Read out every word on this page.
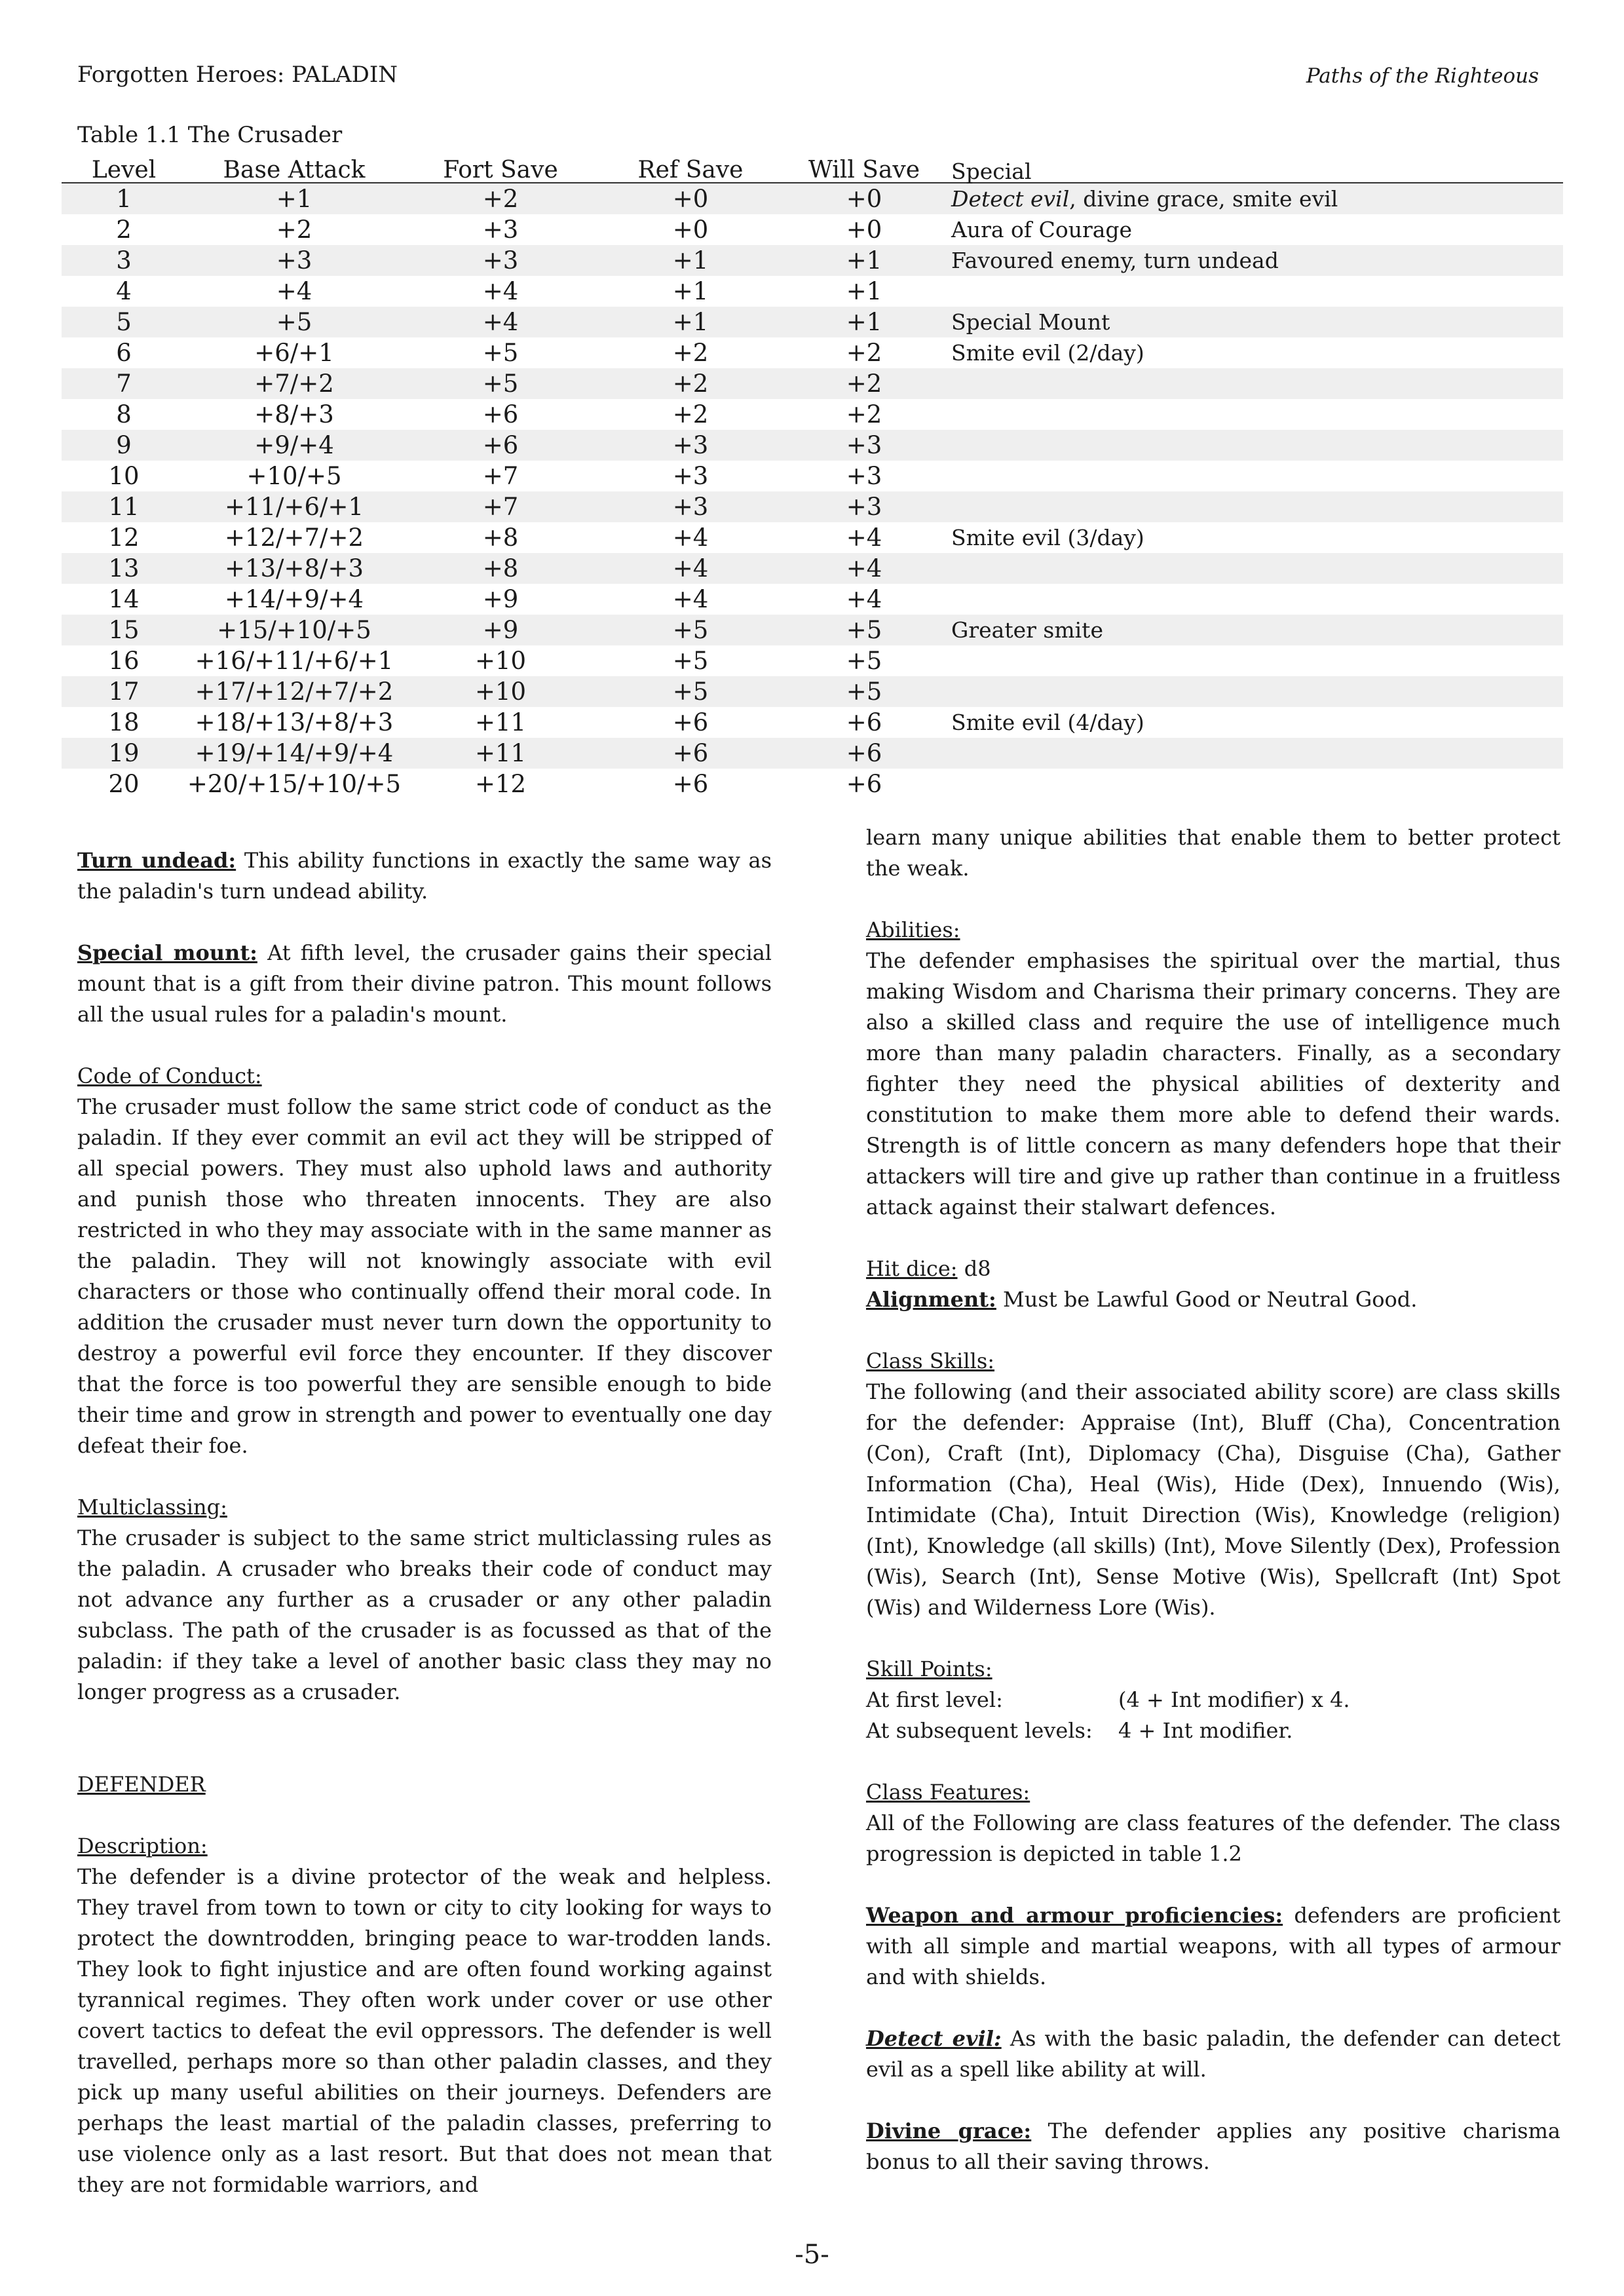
Forgotten Heroes: PALADIN	Paths of the Righteous
Table 1.1 The Crusader
Level	Base Attack	Fort Save	Ref Save	Will Save	Special
1	+1	+2	+0	+0	Detect evil, divine grace, smite evil
2	+2	+3	+0	+0	Aura of Courage
3	+3	+3	+1	+1	Favoured enemy, turn undead
4	+4	+4	+1	+1	
5	+5	+4	+1	+1	Special Mount
6	+6/+1	+5	+2	+2	Smite evil (2/day)
7	+7/+2	+5	+2	+2	
8	+8/+3	+6	+2	+2	
9	+9/+4	+6	+3	+3	
10	+10/+5	+7	+3	+3	
11	+11/+6/+1	+7	+3	+3	
12	+12/+7/+2	+8	+4	+4	Smite evil (3/day)
13	+13/+8/+3	+8	+4	+4	
14	+14/+9/+4	+9	+4	+4	
15	+15/+10/+5	+9	+5	+5	Greater smite
16	+16/+11/+6/+1	+10	+5	+5	
17	+17/+12/+7/+2	+10	+5	+5	
18	+18/+13/+8/+3	+11	+6	+6	Smite evil (4/day)
19	+19/+14/+9/+4	+11	+6	+6	
20	+20/+15/+10/+5	+12	+6	+6	

Turn undead: This ability functions in exactly the same way as the paladin's turn undead ability.

Special mount: At fifth level, the crusader gains their special mount that is a gift from their divine patron. This mount follows all the usual rules for a paladin's mount.

Code of Conduct:

The crusader must follow the same strict code of conduct as the paladin. If they ever commit an evil act they will be stripped of all special powers. They must also uphold laws and authority and punish those who threaten innocents. They are also restricted in who they may associate with in the same manner as the paladin. They will not knowingly associate with evil characters or those who continually offend their moral code. In addition the crusader must never turn down the opportunity to destroy a powerful evil force they encounter. If they discover that the force is too powerful they are sensible enough to bide their time and grow in strength and power to eventually one day defeat their foe.

Multiclassing:

The crusader is subject to the same strict multiclassing rules as the paladin. A crusader who breaks their code of conduct may not advance any further as a crusader or any other paladin subclass. The path of the crusader is as focussed as that of the paladin: if they take a level of another basic class they may no longer progress as a crusader.

DEFENDER

Description:

The defender is a divine protector of the weak and helpless. They travel from town to town or city to city looking for ways to protect the downtrodden, bringing peace to war-trodden lands. They look to fight injustice and are often found working against tyrannical regimes. They often work under cover or use other covert tactics to defeat the evil oppressors. The defender is well travelled, perhaps more so than other paladin classes, and they pick up many useful abilities on their journeys. Defenders are perhaps the least martial of the paladin classes, preferring to use violence only as a last resort. But that does not mean that they are not formidable warriors, and

learn many unique abilities that enable them to better protect the weak.

Abilities:

The defender emphasises the spiritual over the martial, thus making Wisdom and Charisma their primary concerns. They are also a skilled class and require the use of intelligence much more than many paladin characters. Finally, as a secondary fighter they need the physical abilities of dexterity and constitution to make them more able to defend their wards. Strength is of little concern as many defenders hope that their attackers will tire and give up rather than continue in a fruitless attack against their stalwart defences.

Hit dice: d8

Alignment: Must be Lawful Good or Neutral Good.

Class Skills:

The following (and their associated ability score) are class skills for the defender: Appraise (Int), Bluff (Cha), Concentration (Con), Craft (Int), Diplomacy (Cha), Disguise (Cha), Gather Information (Cha), Heal (Wis), Hide (Dex), Innuendo (Wis), Intimidate (Cha), Intuit Direction (Wis), Knowledge (religion) (Int), Knowledge (all skills) (Int), Move Silently (Dex), Profession (Wis), Search (Int), Sense Motive (Wis), Spellcraft (Int) Spot (Wis) and Wilderness Lore (Wis).

Skill Points:

At first level:	(4 + Int modifier) x 4.
At subsequent levels:	4 + Int modifier.

Class Features:

All of the Following are class features of the defender. The class progression is depicted in table 1.2

Weapon and armour proficiencies: defenders are proficient with all simple and martial weapons, with all types of armour and with shields.

Detect evil: As with the basic paladin, the defender can detect evil as a spell like ability at will.

Divine grace: The defender applies any positive charisma bonus to all their saving throws.

-5-
